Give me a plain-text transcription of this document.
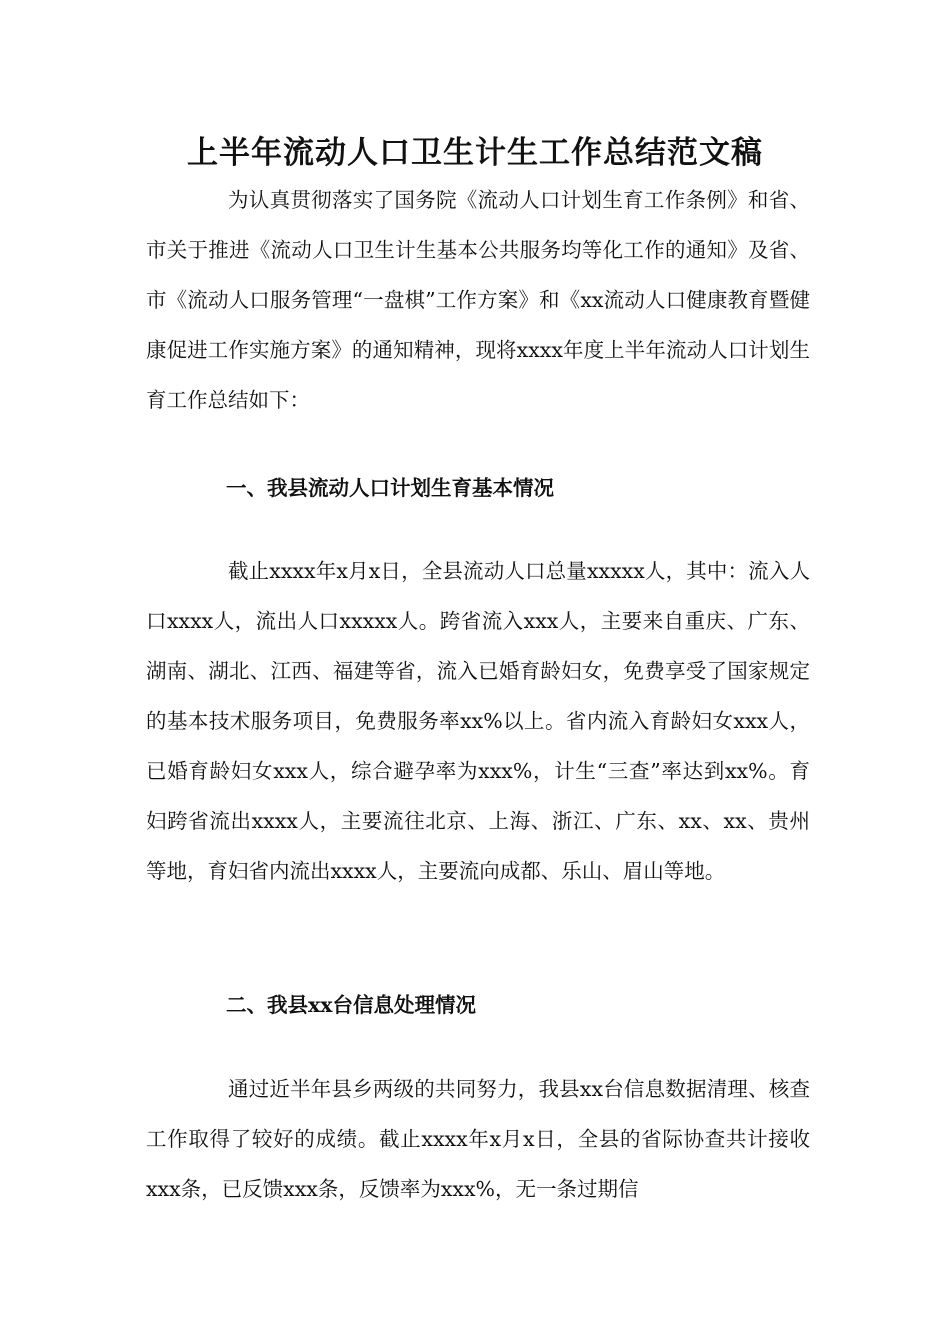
上半年流动人口卫生计生工作总结范文稿

为认真贯彻落实了国务院《流动人口计划生育工作条例》和省、市关于推进《流动人口卫生计生基本公共服务均等化工作的通知》及省、市《流动人口服务管理“一盘棋”工作方案》和《xx流动人口健康教育暨健康促进工作实施方案》的通知精神，现将xxxx年度上半年流动人口计划生育工作总结如下：

一、我县流动人口计划生育基本情况

截止xxxx年x月x日，全县流动人口总量xxxxx人，其中：流入人口xxxx人，流出人口xxxxx人。跨省流入xxx人，主要来自重庆、广东、湖南、湖北、江西、福建等省，流入已婚育龄妇女，免费享受了国家规定的基本技术服务项目，免费服务率xx%以上。省内流入育龄妇女xxx人，已婚育龄妇女xxx人，综合避孕率为xxx%，计生“三查”率达到xx%。育妇跨省流出xxxx人，主要流往北京、上海、浙江、广东、xx、xx、贵州等地，育妇省内流出xxxx人，主要流向成都、乐山、眉山等地。

二、我县xx台信息处理情况

通过近半年县乡两级的共同努力，我县xx台信息数据清理、核查工作取得了较好的成绩。截止xxxx年x月x日，全县的省际协查共计接收xxx条，已反馈xxx条，反馈率为xxx%，无一条过期信
